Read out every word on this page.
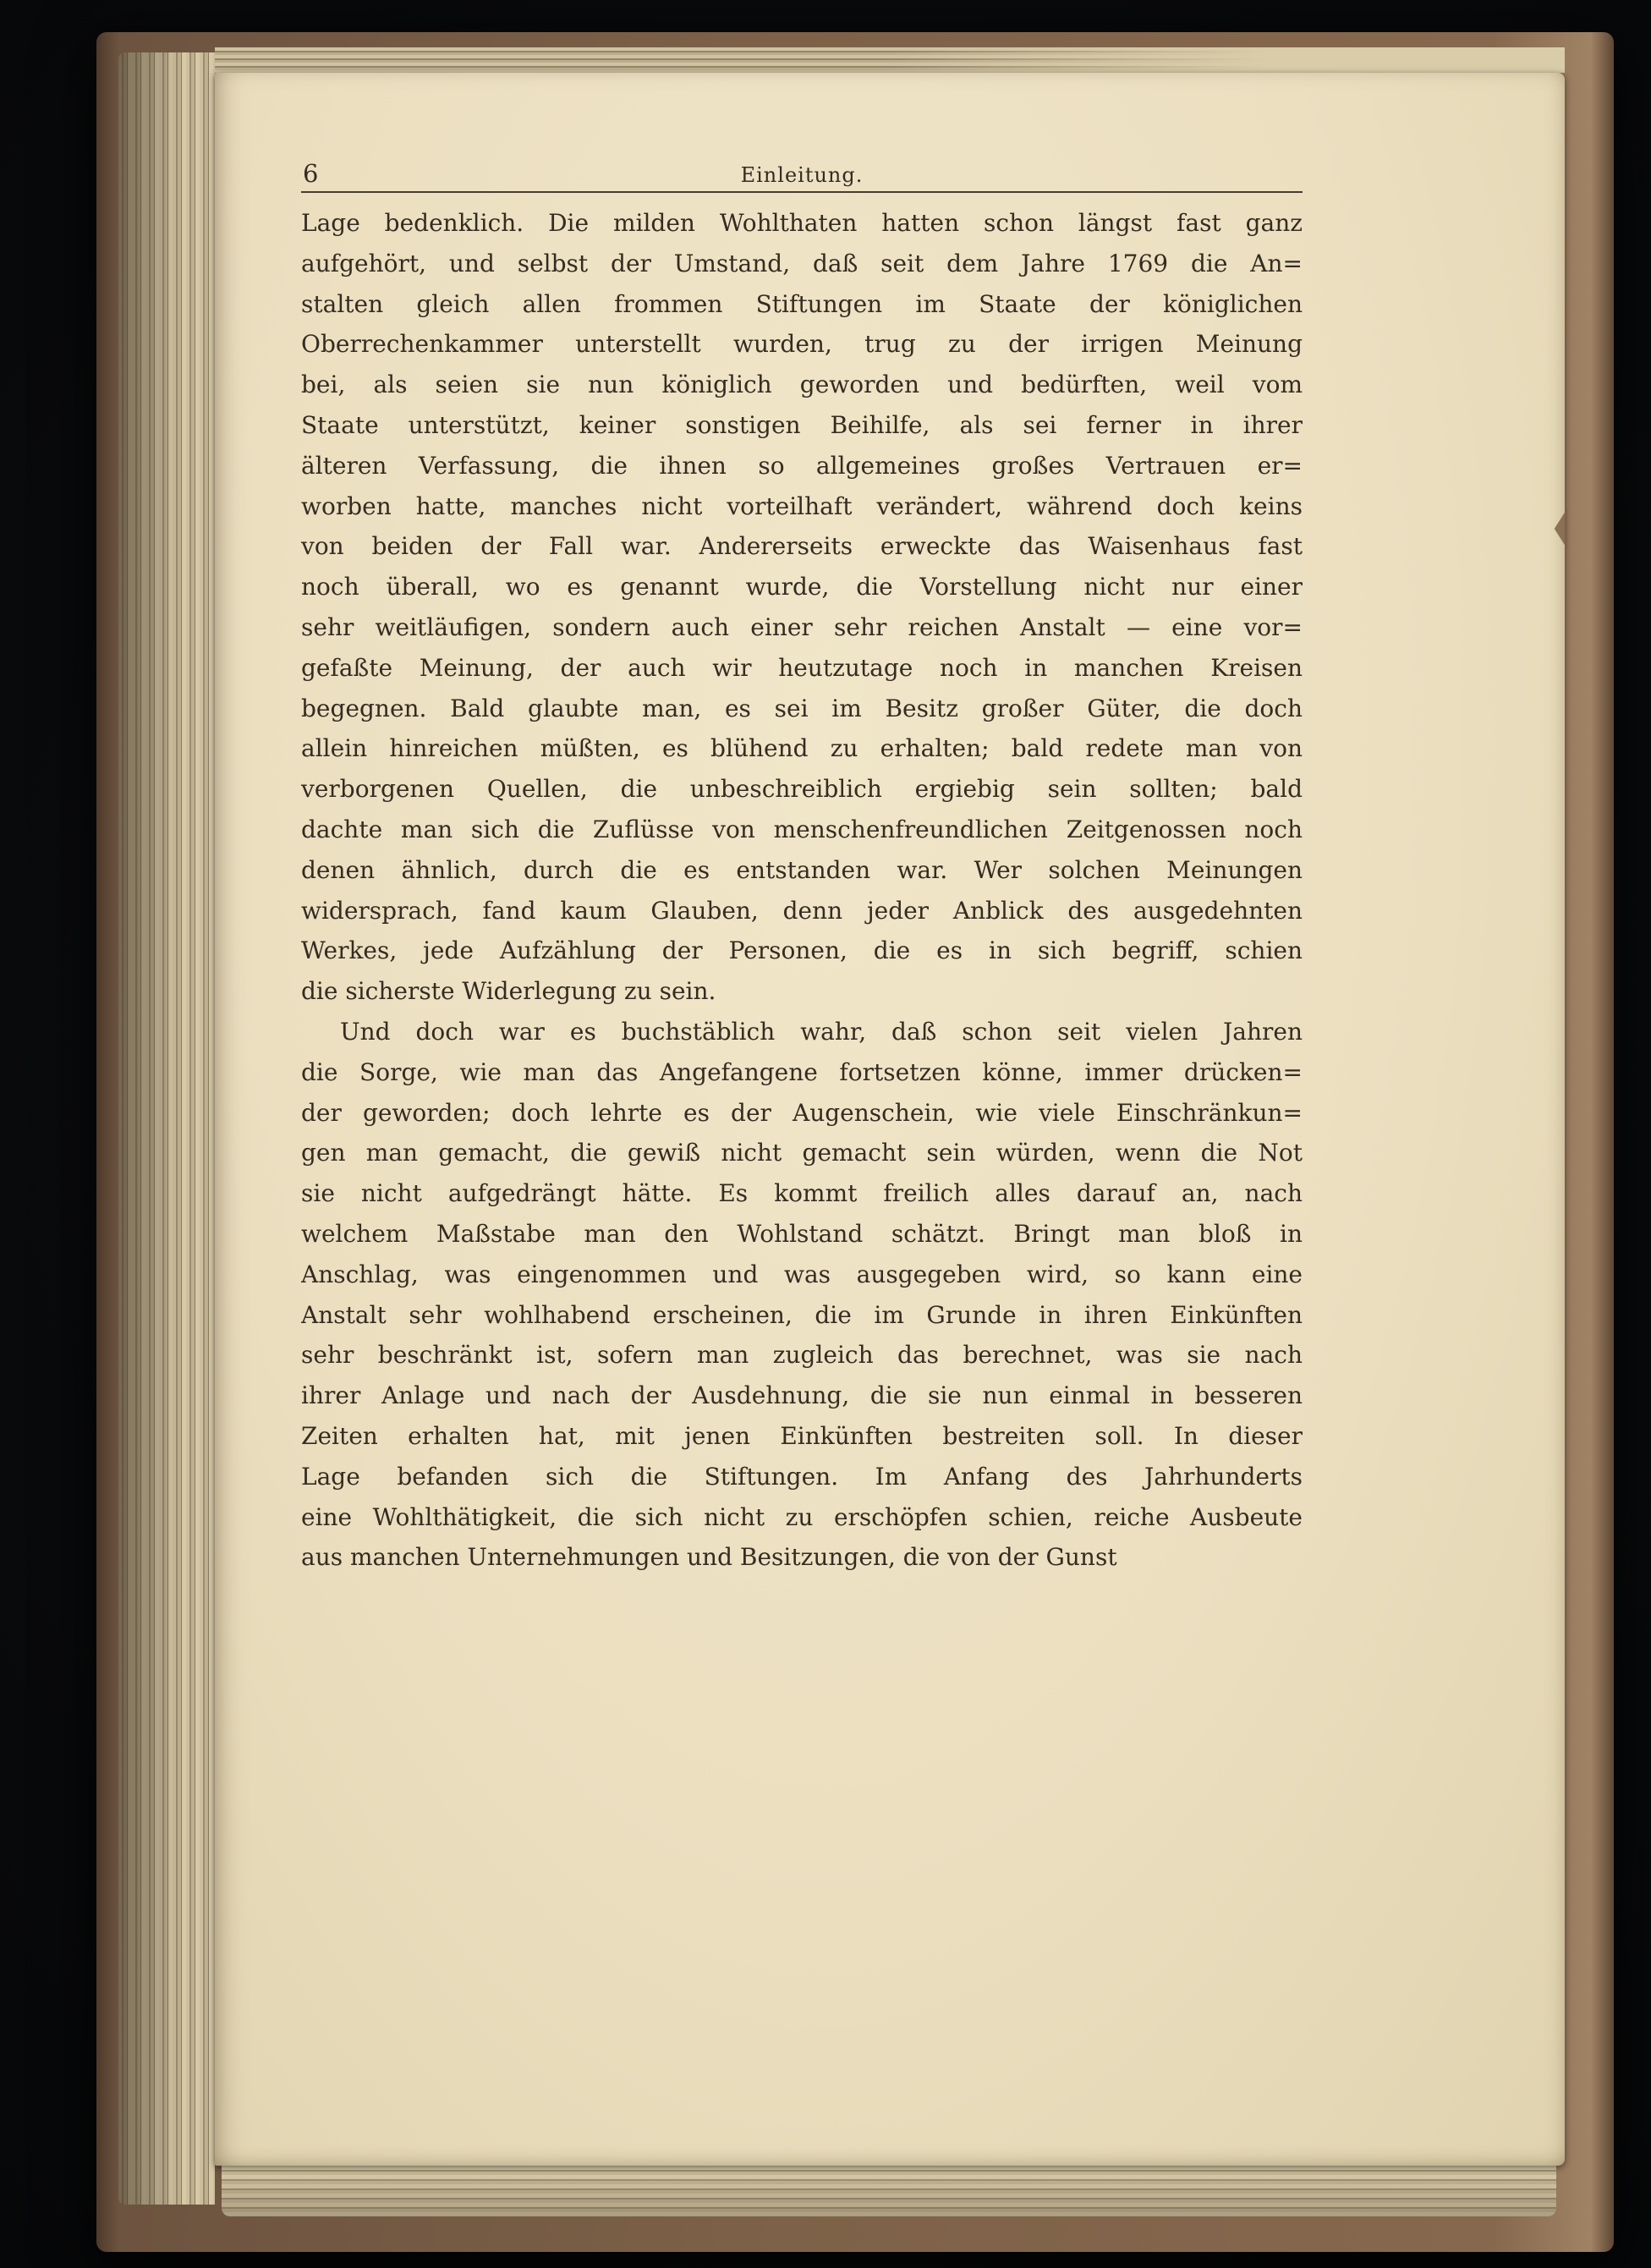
6	Einleitung.
Lage bedenklich. Die milden Wohlthaten hatten schon längst fast ganz
aufgehört, und selbst der Umstand, daß seit dem Jahre 1769 die An=
stalten gleich allen frommen Stiftungen im Staate der königlichen
Oberrechenkammer unterstellt wurden, trug zu der irrigen Meinung
bei, als seien sie nun königlich geworden und bedürften, weil vom
Staate unterstützt, keiner sonstigen Beihilfe, als sei ferner in ihrer
älteren Verfassung, die ihnen so allgemeines großes Vertrauen er=
worben hatte, manches nicht vorteilhaft verändert, während doch keins
von beiden der Fall war. Andererseits erweckte das Waisenhaus fast
noch überall, wo es genannt wurde, die Vorstellung nicht nur einer
sehr weitläufigen, sondern auch einer sehr reichen Anstalt — eine vor=
gefaßte Meinung, der auch wir heutzutage noch in manchen Kreisen
begegnen. Bald glaubte man, es sei im Besitz großer Güter, die doch
allein hinreichen müßten, es blühend zu erhalten; bald redete man von
verborgenen Quellen, die unbeschreiblich ergiebig sein sollten; bald
dachte man sich die Zuflüsse von menschenfreundlichen Zeitgenossen noch
denen ähnlich, durch die es entstanden war. Wer solchen Meinungen
widersprach, fand kaum Glauben, denn jeder Anblick des ausgedehnten
Werkes, jede Aufzählung der Personen, die es in sich begriff, schien
die sicherste Widerlegung zu sein.
Und doch war es buchstäblich wahr, daß schon seit vielen Jahren
die Sorge, wie man das Angefangene fortsetzen könne, immer drücken=
der geworden; doch lehrte es der Augenschein, wie viele Einschränkun=
gen man gemacht, die gewiß nicht gemacht sein würden, wenn die Not
sie nicht aufgedrängt hätte. Es kommt freilich alles darauf an, nach
welchem Maßstabe man den Wohlstand schätzt. Bringt man bloß in
Anschlag, was eingenommen und was ausgegeben wird, so kann eine
Anstalt sehr wohlhabend erscheinen, die im Grunde in ihren Einkünften
sehr beschränkt ist, sofern man zugleich das berechnet, was sie nach
ihrer Anlage und nach der Ausdehnung, die sie nun einmal in besseren
Zeiten erhalten hat, mit jenen Einkünften bestreiten soll. In dieser
Lage befanden sich die Stiftungen. Im Anfang des Jahrhunderts
eine Wohlthätigkeit, die sich nicht zu erschöpfen schien, reiche Ausbeute
aus manchen Unternehmungen und Besitzungen, die von der Gunst
